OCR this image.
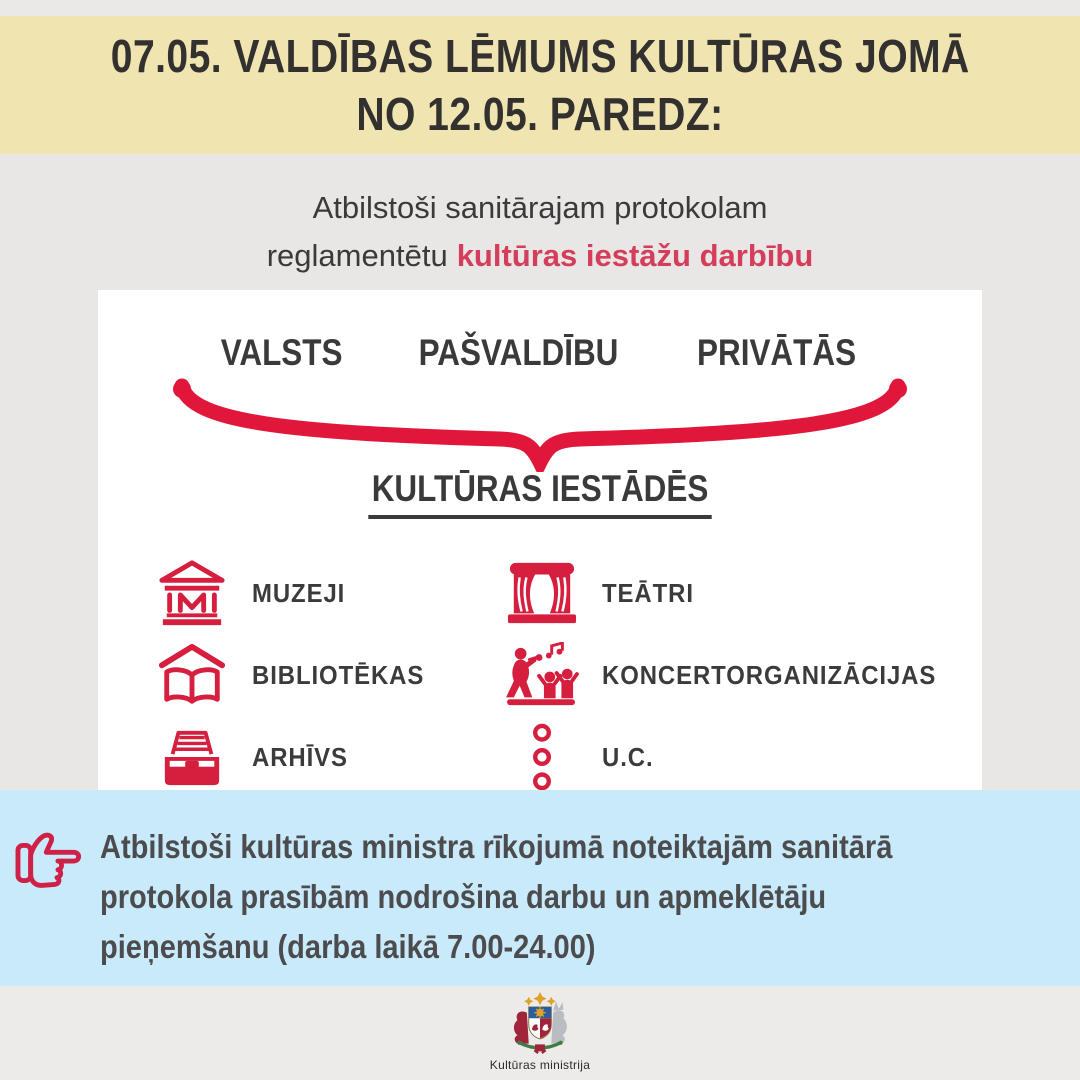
07.05. VALDĪBAS LĒMUMS KULTŪRAS JOMĀ
NO 12.05. PAREDZ:
Atbilstoši sanitārajam protokolam
reglamentētu kultūras iestāžu darbību
VALSTS PAŠVALDĪBU PRIVĀTĀS
KULTŪRAS IESTĀDĒS
MUZEJI	TEĀTRI
BIBLIOTĒKAS	KONCERTORGANIZĀCIJAS
ARHĪVS	U.C.
Atbilstoši kultūras ministra rīkojumā noteiktajām sanitārā
protokola prasībām nodrošina darbu un apmeklētāju
pieņemšanu (darba laikā 7.00-24.00)
Kultūras ministrija
